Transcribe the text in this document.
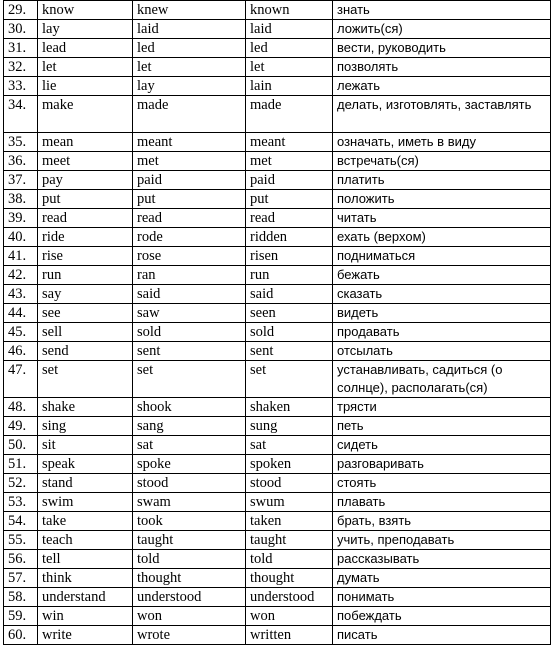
29.	know	knew	known	знать
30.	lay	laid	laid	ложить(ся)
31.	lead	led	led	вести, руководить
32.	let	let	let	позволять
33.	lie	lay	lain	лежать
34.	make	made	made	делать, изготовлять, заставлять
35.	mean	meant	meant	означать, иметь в виду
36.	meet	met	met	встречать(ся)
37.	pay	paid	paid	платить
38.	put	put	put	положить
39.	read	read	read	читать
40.	ride	rode	ridden	ехать (верхом)
41.	rise	rose	risen	подниматься
42.	run	ran	run	бежать
43.	say	said	said	сказать
44.	see	saw	seen	видеть
45.	sell	sold	sold	продавать
46.	send	sent	sent	отсылать
47.	set	set	set	устанавливать, садиться (о солнце), располагать(ся)
48.	shake	shook	shaken	трясти
49.	sing	sang	sung	петь
50.	sit	sat	sat	сидеть
51.	speak	spoke	spoken	разговаривать
52.	stand	stood	stood	стоять
53.	swim	swam	swum	плавать
54.	take	took	taken	брать, взять
55.	teach	taught	taught	учить, преподавать
56.	tell	told	told	рассказывать
57.	think	thought	thought	думать
58.	understand	understood	understood	понимать
59.	win	won	won	побеждать
60.	write	wrote	written	писать
